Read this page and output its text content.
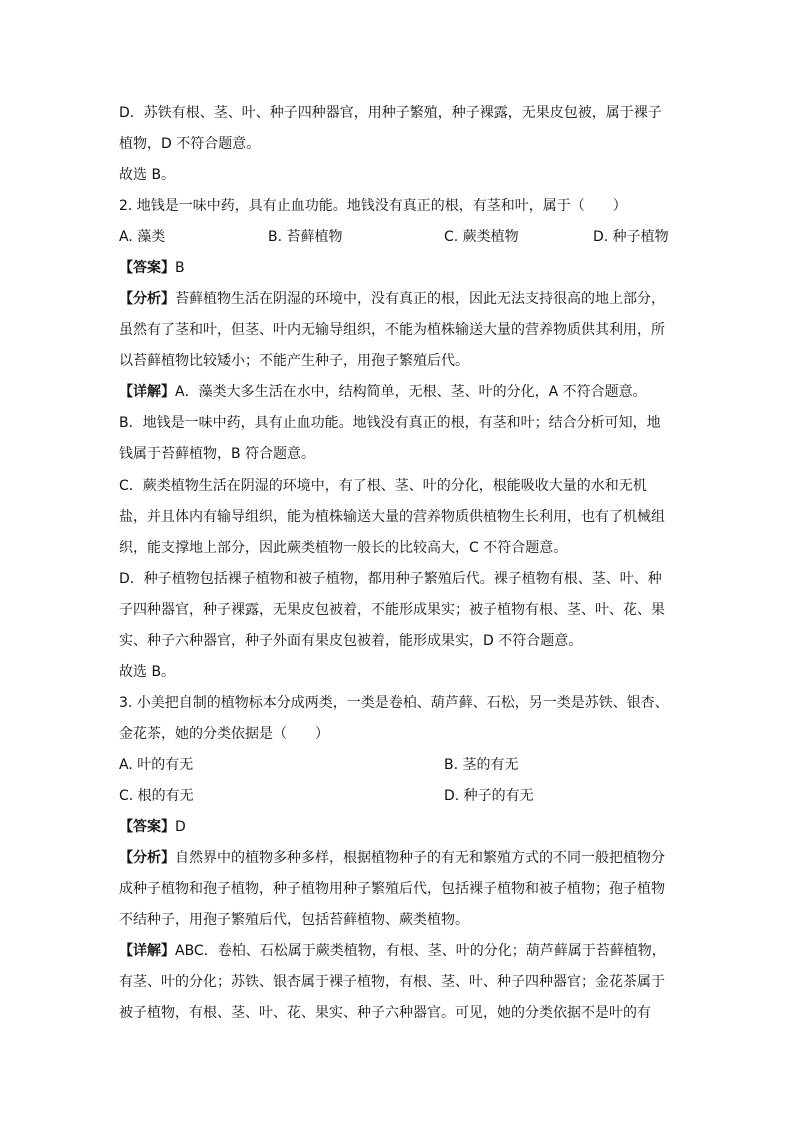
D．苏铁有根、茎、叶、种子四种器官，用种子繁殖，种子裸露，无果皮包被，属于裸子
植物，D 不符合题意。
故选 B。
2. 地钱是一味中药，具有止血功能。地钱没有真正的根，有茎和叶，属于（　　）
A. 藻类	B. 苔藓植物	C. 蕨类植物	D. 种子植物
【答案】B
【分析】苔藓植物生活在阴湿的环境中，没有真正的根，因此无法支持很高的地上部分，
虽然有了茎和叶，但茎、叶内无输导组织，不能为植株输送大量的营养物质供其利用，所
以苔藓植物比较矮小；不能产生种子，用孢子繁殖后代。
【详解】A．藻类大多生活在水中，结构简单，无根、茎、叶的分化，A 不符合题意。
B．地钱是一味中药，具有止血功能。地钱没有真正的根，有茎和叶；结合分析可知，地
钱属于苔藓植物，B 符合题意。
C．蕨类植物生活在阴湿的环境中，有了根、茎、叶的分化，根能吸收大量的水和无机
盐，并且体内有输导组织，能为植株输送大量的营养物质供植物生长利用，也有了机械组
织，能支撑地上部分，因此蕨类植物一般长的比较高大，C 不符合题意。
D．种子植物包括裸子植物和被子植物，都用种子繁殖后代。裸子植物有根、茎、叶、种
子四种器官，种子裸露，无果皮包被着，不能形成果实；被子植物有根、茎、叶、花、果
实、种子六种器官，种子外面有果皮包被着，能形成果实，D 不符合题意。
故选 B。
3. 小美把自制的植物标本分成两类，一类是卷柏、葫芦藓、石松，另一类是苏铁、银杏、
金花茶，她的分类依据是（　　）
A. 叶的有无	B. 茎的有无
C. 根的有无	D. 种子的有无
【答案】D
【分析】自然界中的植物多种多样，根据植物种子的有无和繁殖方式的不同一般把植物分
成种子植物和孢子植物，种子植物用种子繁殖后代，包括裸子植物和被子植物；孢子植物
不结种子，用孢子繁殖后代，包括苔藓植物、蕨类植物。
【详解】ABC．卷柏、石松属于蕨类植物，有根、茎、叶的分化；葫芦藓属于苔藓植物，
有茎、叶的分化；苏铁、银杏属于裸子植物，有根、茎、叶、种子四种器官；金花茶属于
被子植物，有根、茎、叶、花、果实、种子六种器官。可见，她的分类依据不是叶的有
